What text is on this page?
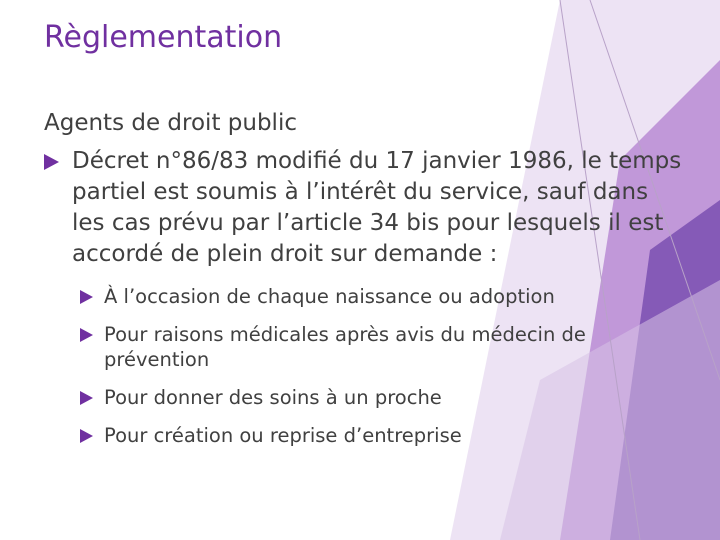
Règlementation
Agents de droit public
Décret n°86/83 modifié du 17 janvier 1986, le temps partiel est soumis à l’intérêt du service, sauf dans les cas prévu par l’article 34 bis pour lesquels il est accordé de plein droit sur demande :
À l’occasion de chaque naissance ou adoption
Pour raisons médicales après avis du médecin de prévention
Pour donner des soins à un proche
Pour création ou reprise d’entreprise
